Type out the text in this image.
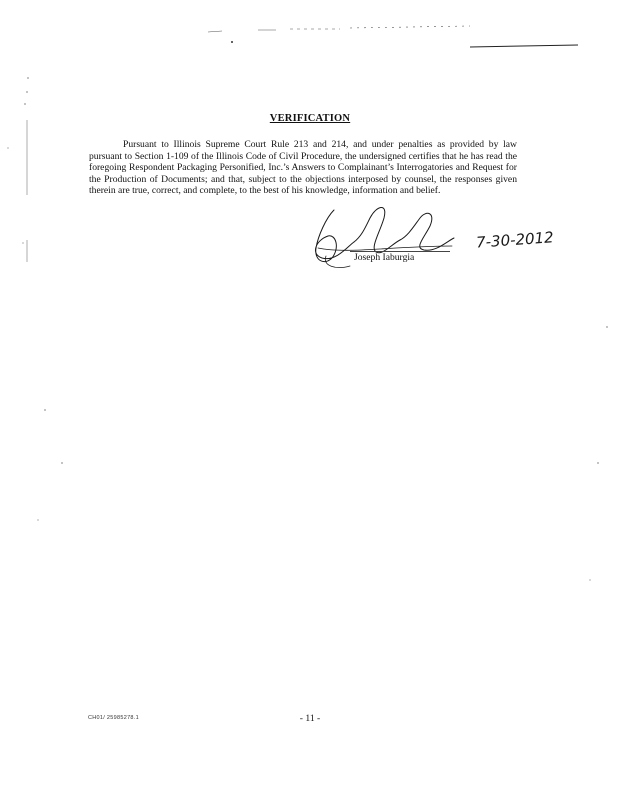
VERIFICATION

Pursuant to Illinois Supreme Court Rule 213 and 214, and under penalties as provided by law pursuant to Section 1-109 of the Illinois Code of Civil Procedure, the undersigned certifies that he has read the foregoing Respondent Packaging Personified, Inc.’s Answers to Complainant’s Interrogatories and Request for the Production of Documents; and that, subject to the objections interposed by counsel, the responses given therein are true, correct, and complete, to the best of his knowledge, information and belief.

7-30-2012
Joseph Iaburgia
CH01/ 25985278.1	- 11 -
